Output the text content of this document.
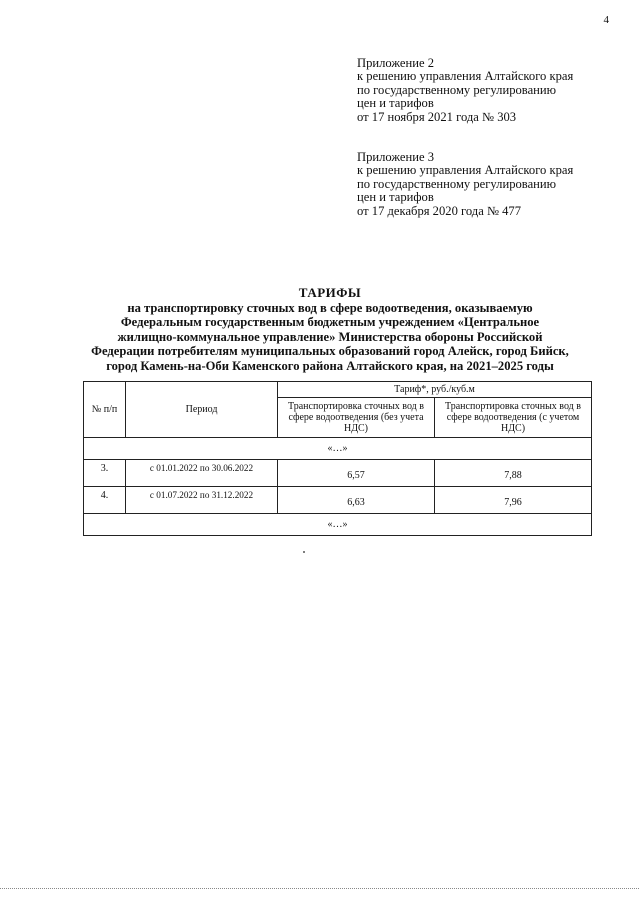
4
Приложение 2
к решению управления Алтайского края
по государственному регулированию
цен и тарифов
от 17 ноября 2021 года № 303
Приложение 3
к решению управления Алтайского края
по государственному регулированию
цен и тарифов
от 17 декабря 2020 года № 477
ТАРИФЫ
на транспортировку сточных вод в сфере водоотведения, оказываемую
Федеральным государственным бюджетным учреждением «Центральное
жилищно-коммунальное управление» Министерства обороны Российской
Федерации потребителям муниципальных образований город Алейск, город Бийск,
город Камень-на-Оби Каменского района Алтайского края, на 2021–2025 годы
№ п/п	Период	Тариф*, руб./куб.м	
		Транспортировка сточных вод в сфере водоотведения (без учета НДС)	Транспортировка сточных вод в сфере водоотведения (с учетом НДС)
«…»			
3.	с 01.01.2022 по 30.06.2022	6,57	7,88
4.	с 01.07.2022 по 31.12.2022	6,63	7,96
«…»			
